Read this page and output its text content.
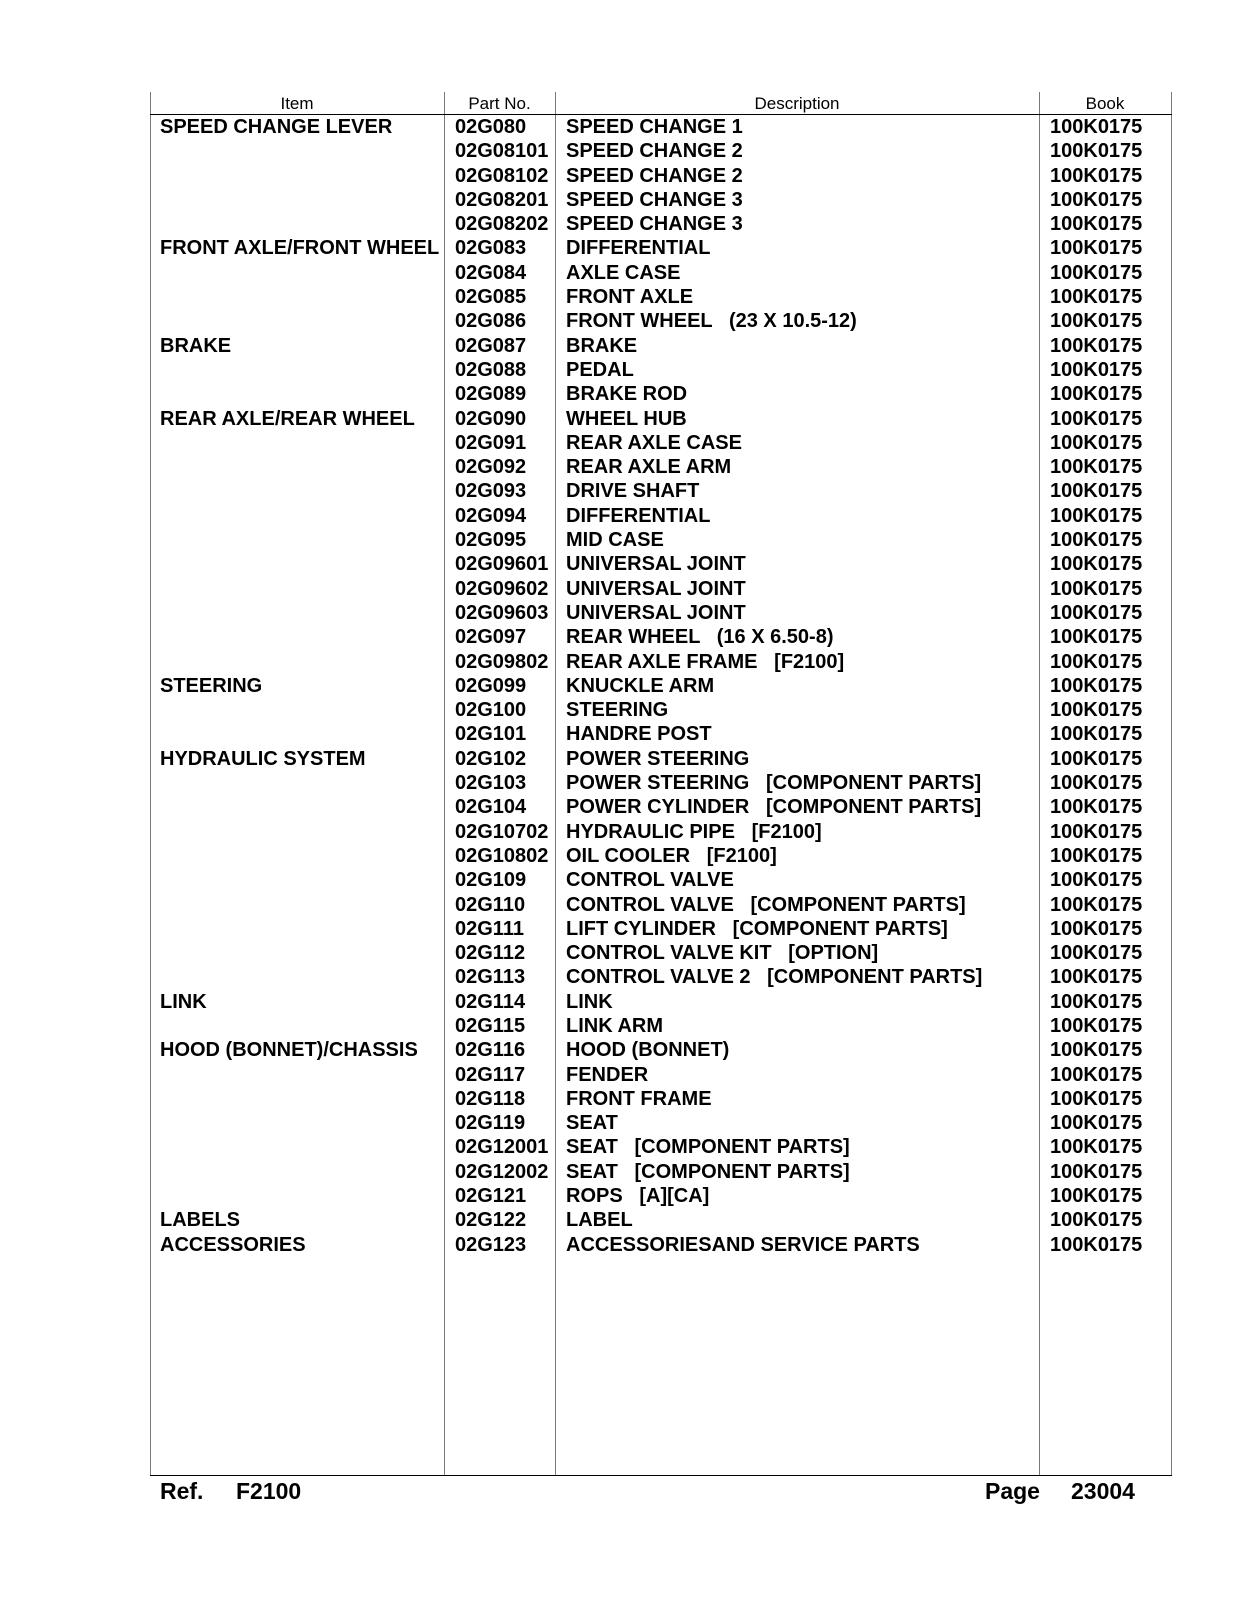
Item	Part No.	Description	Book
SPEED CHANGE LEVER	02G080 SPEED CHANGE 1	100K0175
02G08101 SPEED CHANGE 2	100K0175
02G08102 SPEED CHANGE 2	100K0175
02G08201 SPEED CHANGE 3	100K0175
02G08202 SPEED CHANGE 3	100K0175
FRONT AXLE/FRONT WHEEL 02G083 DIFFERENTIAL	100K0175
02G084 AXLE CASE	100K0175
02G085 FRONT AXLE	100K0175
02G086 FRONT WHEEL   (23 X 10.5-12)	100K0175
BRAKE	02G087 BRAKE	100K0175
02G088 PEDAL	100K0175
02G089 BRAKE ROD	100K0175
REAR AXLE/REAR WHEEL 02G090 WHEEL HUB	100K0175
02G091 REAR AXLE CASE	100K0175
02G092 REAR AXLE ARM	100K0175
02G093 DRIVE SHAFT	100K0175
02G094 DIFFERENTIAL	100K0175
02G095 MID CASE	100K0175
02G09601 UNIVERSAL JOINT	100K0175
02G09602 UNIVERSAL JOINT	100K0175
02G09603 UNIVERSAL JOINT	100K0175
02G097 REAR WHEEL   (16 X 6.50-8)	100K0175
02G09802 REAR AXLE FRAME   [F2100]	100K0175
STEERING	02G099 KNUCKLE ARM	100K0175
02G100 STEERING	100K0175
02G101 HANDRE POST	100K0175
HYDRAULIC SYSTEM	02G102 POWER STEERING	100K0175
02G103 POWER STEERING   [COMPONENT PARTS]	100K0175
02G104 POWER CYLINDER   [COMPONENT PARTS]	100K0175
02G10702 HYDRAULIC PIPE   [F2100]	100K0175
02G10802 OIL COOLER   [F2100]	100K0175
02G109 CONTROL VALVE	100K0175
02G110 CONTROL VALVE   [COMPONENT PARTS]	100K0175
02G111 LIFT CYLINDER   [COMPONENT PARTS]	100K0175
02G112 CONTROL VALVE KIT   [OPTION]	100K0175
02G113 CONTROL VALVE 2   [COMPONENT PARTS]	100K0175
LINK	02G114 LINK	100K0175
02G115 LINK ARM	100K0175
HOOD (BONNET)/CHASSIS 02G116 HOOD (BONNET)	100K0175
02G117 FENDER	100K0175
02G118 FRONT FRAME	100K0175
02G119 SEAT	100K0175
02G12001 SEAT   [COMPONENT PARTS]	100K0175
02G12002 SEAT   [COMPONENT PARTS]	100K0175
02G121 ROPS   [A][CA]	100K0175
LABELS	02G122 LABEL	100K0175
ACCESSORIES	02G123 ACCESSORIESAND SERVICE PARTS	100K0175
Ref. F2100	Page 23004
